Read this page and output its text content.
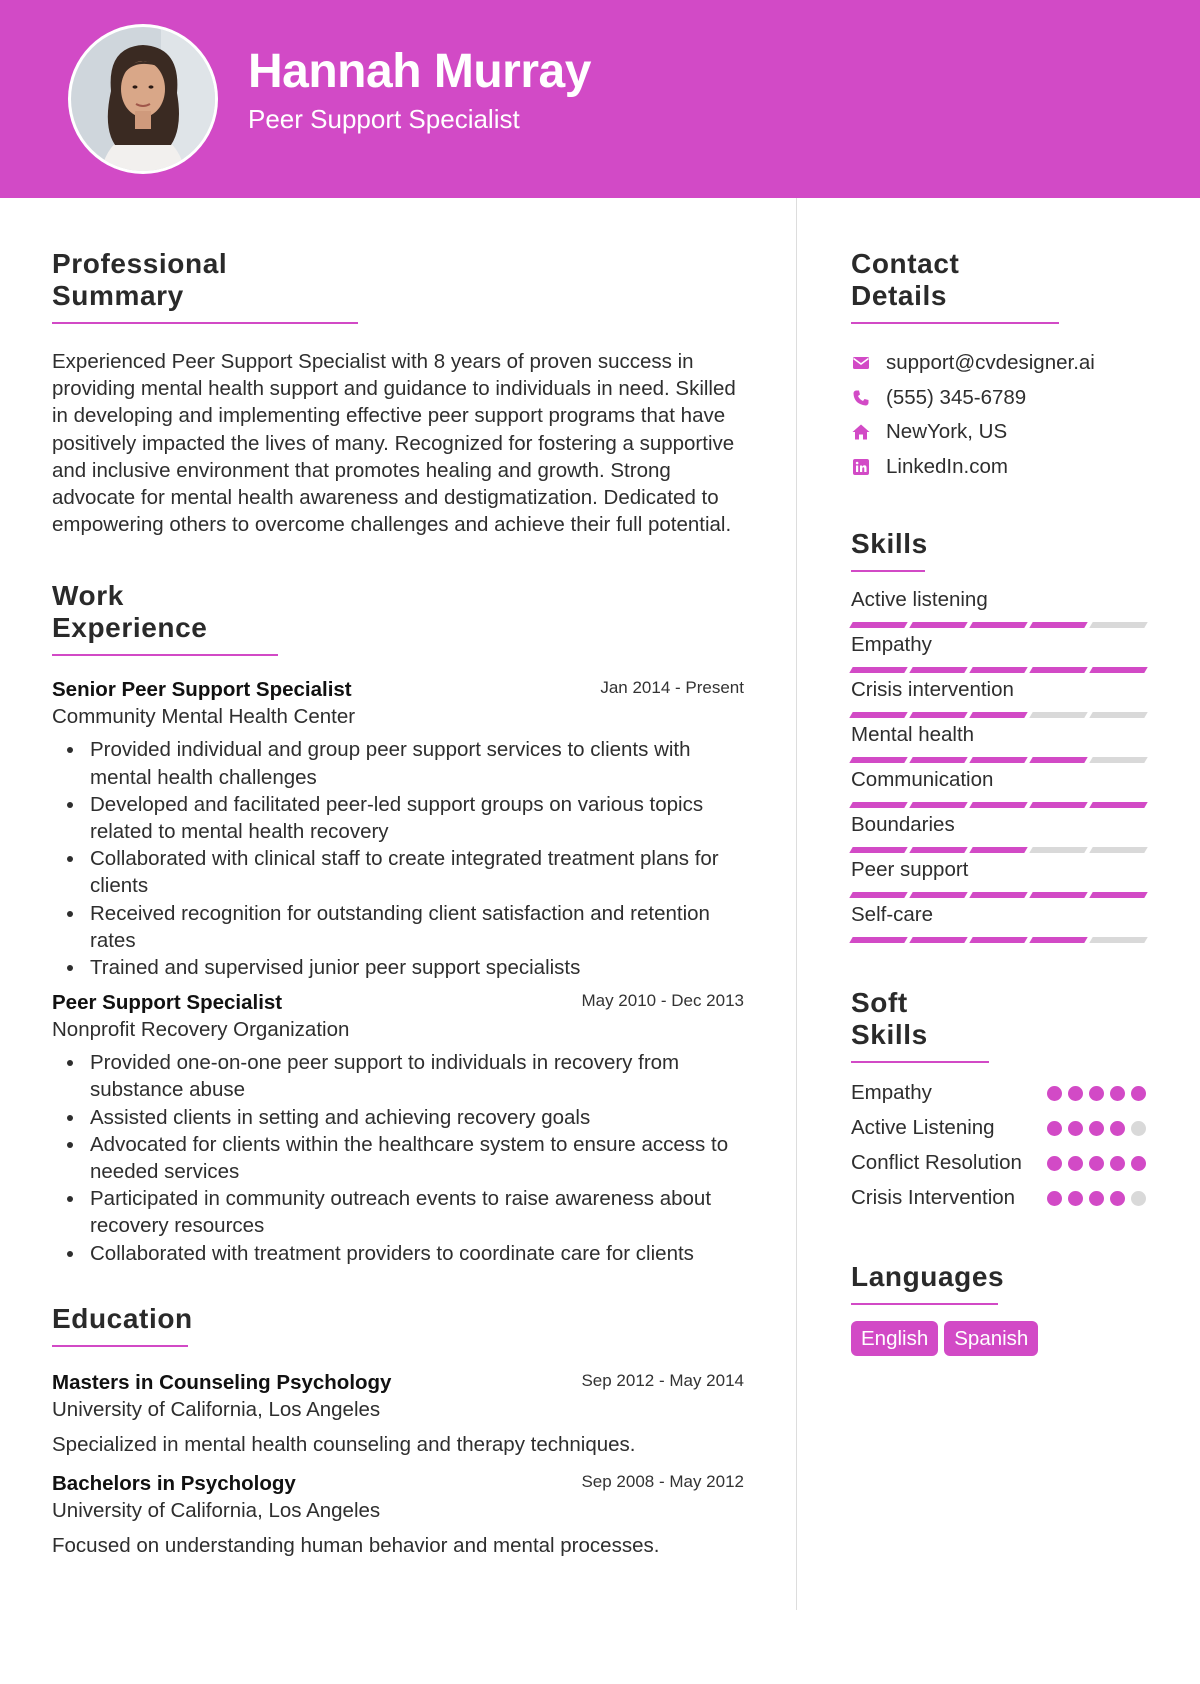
Hannah Murray
Peer Support Specialist
Professional Summary

Experienced Peer Support Specialist with 8 years of proven success in providing mental health support and guidance to individuals in need. Skilled in developing and implementing effective peer support programs that have positively impacted the lives of many. Recognized for fostering a supportive and inclusive environment that promotes healing and growth. Strong advocate for mental health awareness and destigmatization. Dedicated to empowering others to overcome challenges and achieve their full potential.

Work Experience
Senior Peer Support Specialist	Jan 2014 - Present
Community Mental Health Center
Provided individual and group peer support services to clients with mental health challenges
Developed and facilitated peer-led support groups on various topics related to mental health recovery
Collaborated with clinical staff to create integrated treatment plans for clients
Received recognition for outstanding client satisfaction and retention rates
Trained and supervised junior peer support specialists
Peer Support Specialist	May 2010 - Dec 2013
Nonprofit Recovery Organization
Provided one-on-one peer support to individuals in recovery from substance abuse
Assisted clients in setting and achieving recovery goals
Advocated for clients within the healthcare system to ensure access to needed services
Participated in community outreach events to raise awareness about recovery resources
Collaborated with treatment providers to coordinate care for clients
Education
Masters in Counseling Psychology	Sep 2012 - May 2014
University of California, Los Angeles
Specialized in mental health counseling and therapy techniques.
Bachelors in Psychology	Sep 2008 - May 2012
University of California, Los Angeles
Focused on understanding human behavior and mental processes.
Contact Details
support@cvdesigner.ai
(555) 345-6789
NewYork, US
LinkedIn.com
Skills
Active listening
Empathy
Crisis intervention
Mental health
Communication
Boundaries
Peer support
Self-care
Soft Skills
Empathy
Active Listening
Conflict Resolution
Crisis Intervention
Languages
English	Spanish
